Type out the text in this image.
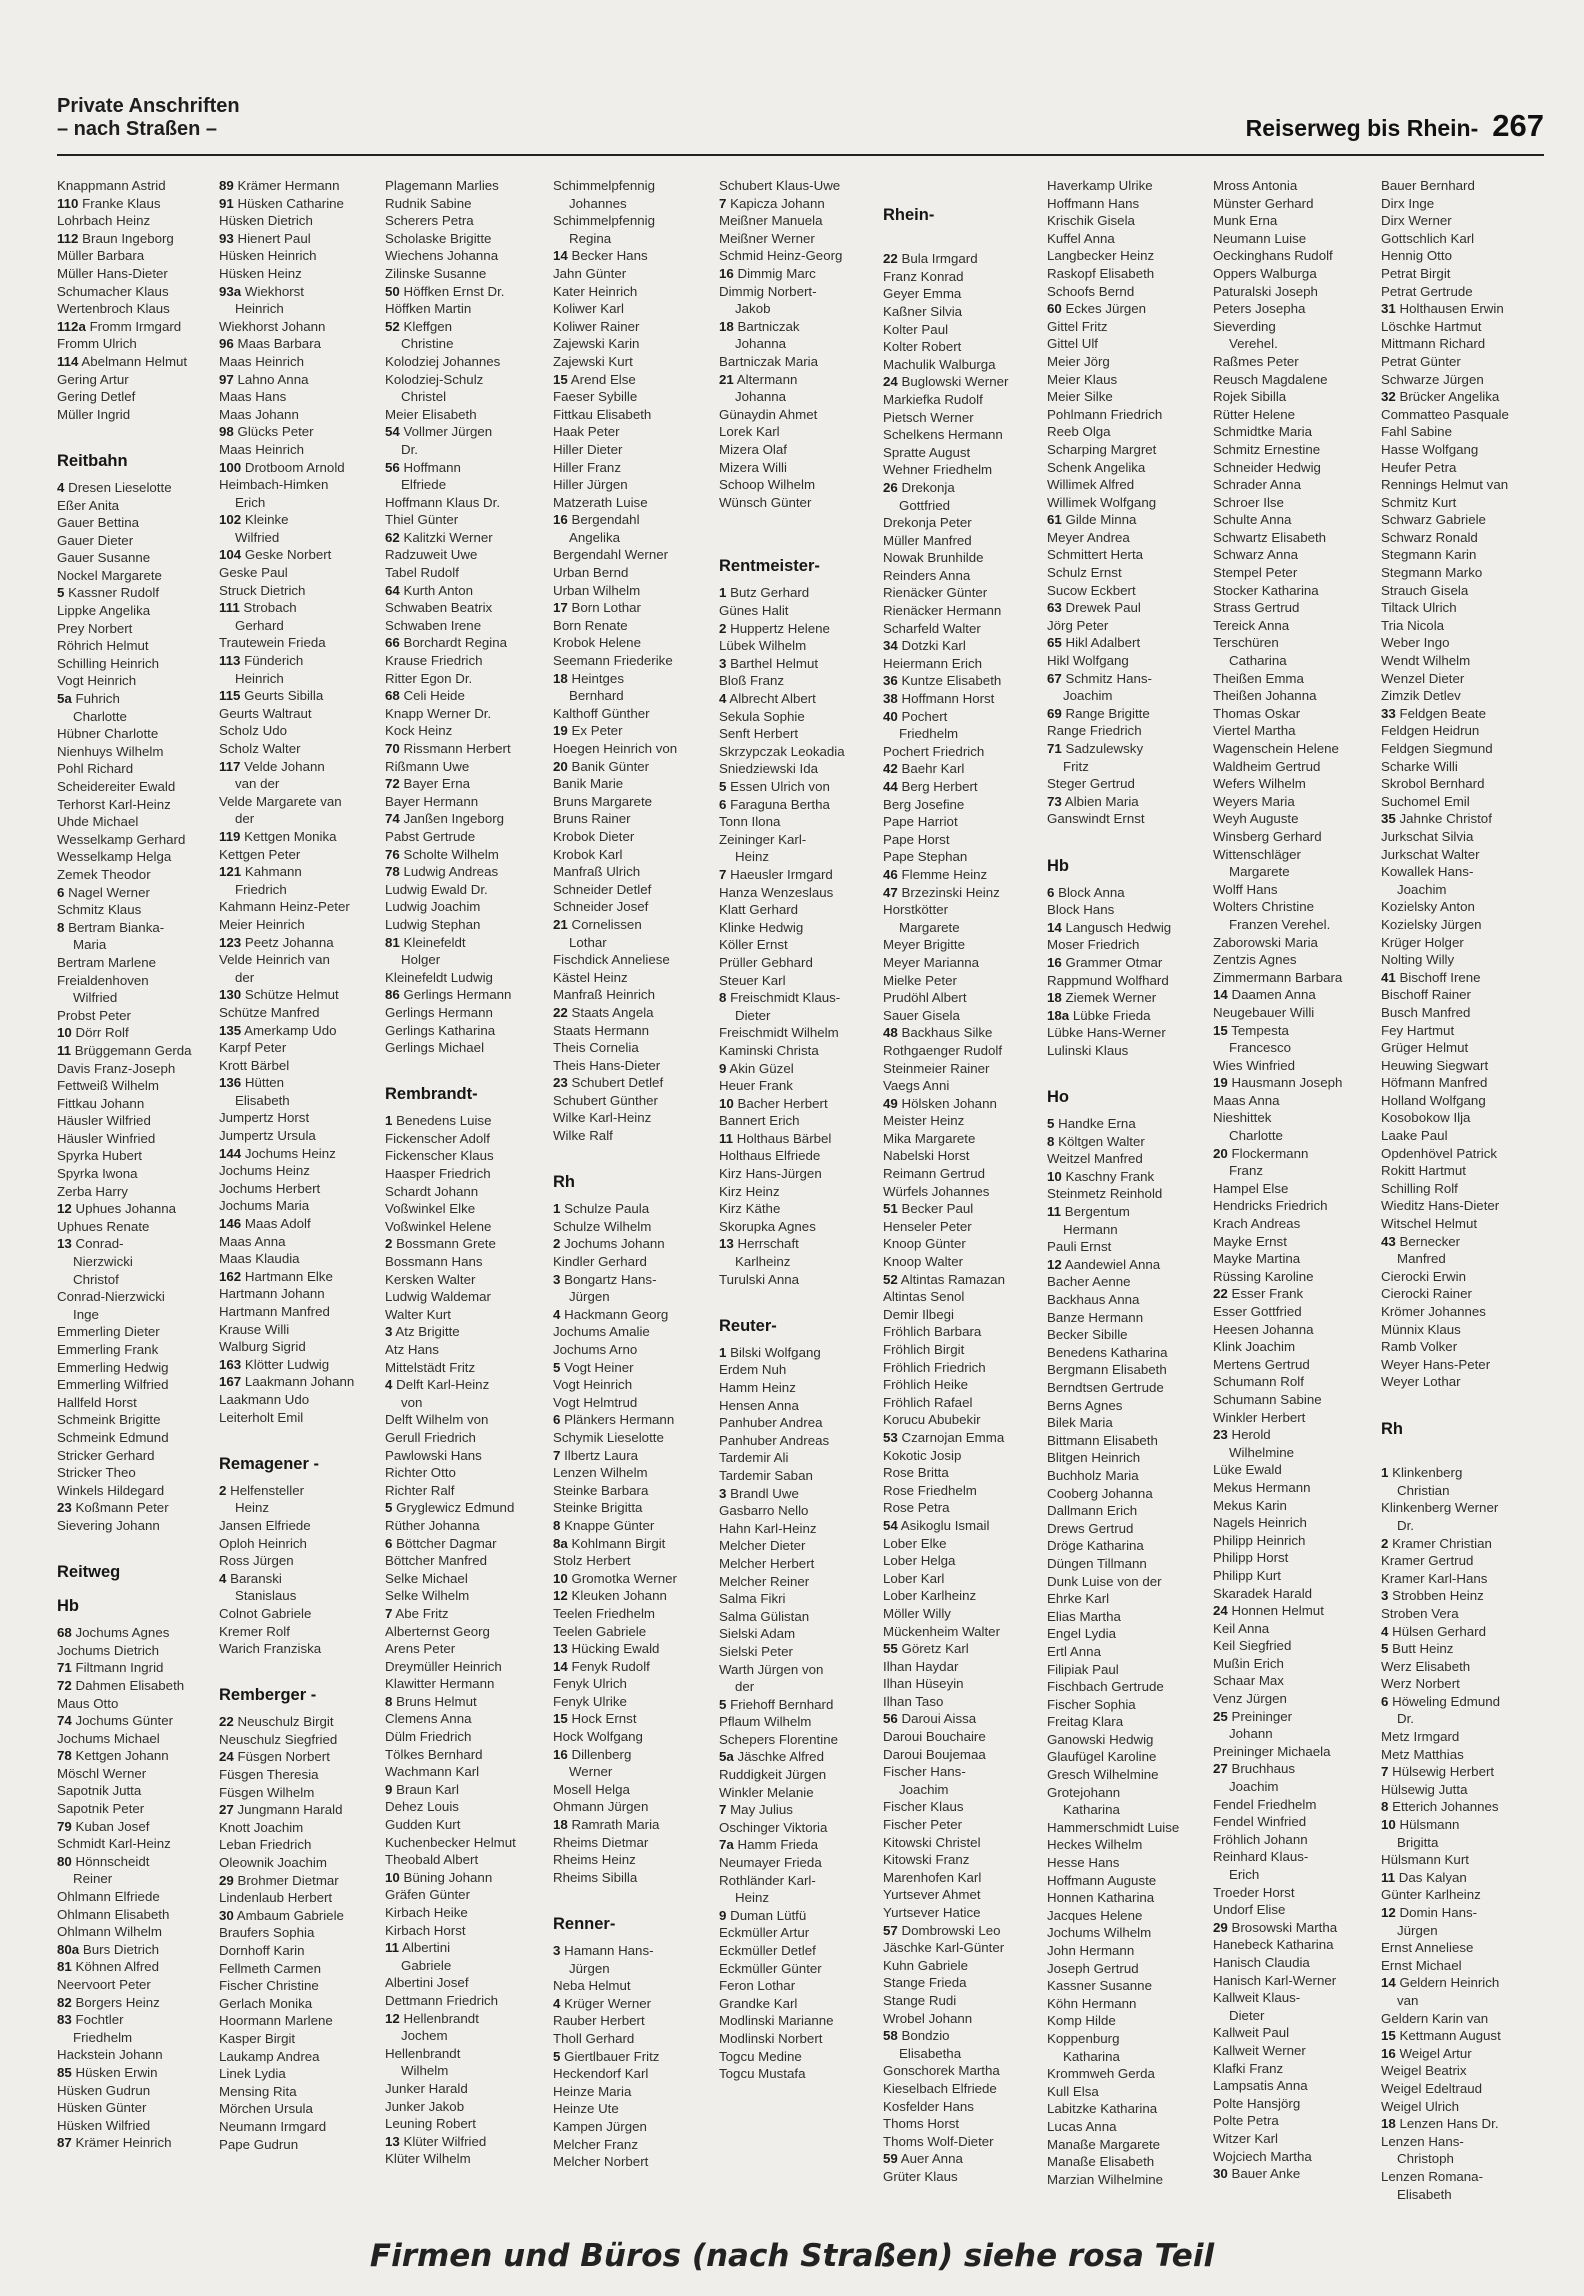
Private Anschriften
– nach Straßen –	Reiserweg bis Rhein- 267
Knappmann Astrid
110 Franke Klaus
Lohrbach Heinz
112 Braun Ingeborg
Müller Barbara
Müller Hans-Dieter
Schumacher Klaus
Wertenbroch Klaus
112a Fromm Irmgard
Fromm Ulrich
114 Abelmann Helmut
Gering Artur
Gering Detlef
Müller Ingrid
Reitbahn
4 Dresen Lieselotte
Eßer Anita
Gauer Bettina
Gauer Dieter
Gauer Susanne
Nockel Margarete
5 Kassner Rudolf
Lippke Angelika
Prey Norbert
Röhrich Helmut
Schilling Heinrich
Vogt Heinrich
5a Fuhrich
Charlotte
Hübner Charlotte
Nienhuys Wilhelm
Pohl Richard
Scheidereiter Ewald
Terhorst Karl-Heinz
Uhde Michael
Wesselkamp Gerhard
Wesselkamp Helga
Zemek Theodor
6 Nagel Werner
Schmitz Klaus
8 Bertram Bianka-
Maria
Bertram Marlene
Freialdenhoven
Wilfried
Probst Peter
10 Dörr Rolf
11 Brüggemann Gerda
Davis Franz-Joseph
Fettweiß Wilhelm
Fittkau Johann
Häusler Wilfried
Häusler Winfried
Spyrka Hubert
Spyrka Iwona
Zerba Harry
12 Uphues Johanna
Uphues Renate
13 Conrad-
Nierzwicki
Christof
Conrad-Nierzwicki
Inge
Emmerling Dieter
Emmerling Frank
Emmerling Hedwig
Emmerling Wilfried
Hallfeld Horst
Schmeink Brigitte
Schmeink Edmund
Stricker Gerhard
Stricker Theo
Winkels Hildegard
23 Koßmann Peter
Sievering Johann
Reitweg
Hb
68 Jochums Agnes
Jochums Dietrich
71 Filtmann Ingrid
72 Dahmen Elisabeth
Maus Otto
74 Jochums Günter
Jochums Michael
78 Kettgen Johann
Möschl Werner
Sapotnik Jutta
Sapotnik Peter
79 Kuban Josef
Schmidt Karl-Heinz
80 Hönnscheidt
Reiner
Ohlmann Elfriede
Ohlmann Elisabeth
Ohlmann Wilhelm
80a Burs Dietrich
81 Köhnen Alfred
Neervoort Peter
82 Borgers Heinz
83 Fochtler
Friedhelm
Hackstein Johann
85 Hüsken Erwin
Hüsken Gudrun
Hüsken Günter
Hüsken Wilfried
87 Krämer Heinrich
89 Krämer Hermann
91 Hüsken Catharine
Hüsken Dietrich
93 Hienert Paul
Hüsken Heinrich
Hüsken Heinz
93a Wiekhorst
Heinrich
Wiekhorst Johann
96 Maas Barbara
Maas Heinrich
97 Lahno Anna
Maas Hans
Maas Johann
98 Glücks Peter
Maas Heinrich
100 Drotboom Arnold
Heimbach-Himken
Erich
102 Kleinke
Wilfried
104 Geske Norbert
Geske Paul
Struck Dietrich
111 Strobach
Gerhard
Trautewein Frieda
113 Fünderich
Heinrich
115 Geurts Sibilla
Geurts Waltraut
Scholz Udo
Scholz Walter
117 Velde Johann
van der
Velde Margarete van
der
119 Kettgen Monika
Kettgen Peter
121 Kahmann
Friedrich
Kahmann Heinz-Peter
Meier Heinrich
123 Peetz Johanna
Velde Heinrich van
der
130 Schütze Helmut
Schütze Manfred
135 Amerkamp Udo
Karpf Peter
Krott Bärbel
136 Hütten
Elisabeth
Jumpertz Horst
Jumpertz Ursula
144 Jochums Heinz
Jochums Heinz
Jochums Herbert
Jochums Maria
146 Maas Adolf
Maas Anna
Maas Klaudia
162 Hartmann Elke
Hartmann Johann
Hartmann Manfred
Krause Willi
Walburg Sigrid
163 Klötter Ludwig
167 Laakmann Johann
Laakmann Udo
Leiterholt Emil
Remagener -
2 Helfensteller
Heinz
Jansen Elfriede
Oploh Heinrich
Ross Jürgen
4 Baranski
Stanislaus
Colnot Gabriele
Kremer Rolf
Warich Franziska
Remberger -
22 Neuschulz Birgit
Neuschulz Siegfried
24 Füsgen Norbert
Füsgen Theresia
Füsgen Wilhelm
27 Jungmann Harald
Knott Joachim
Leban Friedrich
Oleownik Joachim
29 Brohmer Dietmar
Lindenlaub Herbert
30 Ambaum Gabriele
Braufers Sophia
Dornhoff Karin
Fellmeth Carmen
Fischer Christine
Gerlach Monika
Hoormann Marlene
Kasper Birgit
Laukamp Andrea
Linek Lydia
Mensing Rita
Mörchen Ursula
Neumann Irmgard
Pape Gudrun
Plagemann Marlies
Rudnik Sabine
Scherers Petra
Scholaske Brigitte
Wiechens Johanna
Zilinske Susanne
50 Höffken Ernst Dr.
Höffken Martin
52 Kleffgen
Christine
Kolodziej Johannes
Kolodziej-Schulz
Christel
Meier Elisabeth
54 Vollmer Jürgen
Dr.
56 Hoffmann
Elfriede
Hoffmann Klaus Dr.
Thiel Günter
62 Kalitzki Werner
Radzuweit Uwe
Tabel Rudolf
64 Kurth Anton
Schwaben Beatrix
Schwaben Irene
66 Borchardt Regina
Krause Friedrich
Ritter Egon Dr.
68 Celi Heide
Knapp Werner Dr.
Kock Heinz
70 Rissmann Herbert
Rißmann Uwe
72 Bayer Erna
Bayer Hermann
74 Janßen Ingeborg
Pabst Gertrude
76 Scholte Wilhelm
78 Ludwig Andreas
Ludwig Ewald Dr.
Ludwig Joachim
Ludwig Stephan
81 Kleinefeldt
Holger
Kleinefeldt Ludwig
86 Gerlings Hermann
Gerlings Hermann
Gerlings Katharina
Gerlings Michael
Rembrandt-
1 Benedens Luise
Fickenscher Adolf
Fickenscher Klaus
Haasper Friedrich
Schardt Johann
Voßwinkel Elke
Voßwinkel Helene
2 Bossmann Grete
Bossmann Hans
Kersken Walter
Ludwig Waldemar
Walter Kurt
3 Atz Brigitte
Atz Hans
Mittelstädt Fritz
4 Delft Karl-Heinz
von
Delft Wilhelm von
Gerull Friedrich
Pawlowski Hans
Richter Otto
Richter Ralf
5 Gryglewicz Edmund
Rüther Johanna
6 Böttcher Dagmar
Böttcher Manfred
Selke Michael
Selke Wilhelm
7 Abe Fritz
Alberternst Georg
Arens Peter
Dreymüller Heinrich
Klawitter Hermann
8 Bruns Helmut
Clemens Anna
Dülm Friedrich
Tölkes Bernhard
Wachmann Karl
9 Braun Karl
Dehez Louis
Gudden Kurt
Kuchenbecker Helmut
Theobald Albert
10 Büning Johann
Gräfen Günter
Kirbach Heike
Kirbach Horst
11 Albertini
Gabriele
Albertini Josef
Dettmann Friedrich
12 Hellenbrandt
Jochem
Hellenbrandt
Wilhelm
Junker Harald
Junker Jakob
Leuning Robert
13 Klüter Wilfried
Klüter Wilhelm
Schimmelpfennig
Johannes
Schimmelpfennig
Regina
14 Becker Hans
Jahn Günter
Kater Heinrich
Koliwer Karl
Koliwer Rainer
Zajewski Karin
Zajewski Kurt
15 Arend Else
Faeser Sybille
Fittkau Elisabeth
Haak Peter
Hiller Dieter
Hiller Franz
Hiller Jürgen
Matzerath Luise
16 Bergendahl
Angelika
Bergendahl Werner
Urban Bernd
Urban Wilhelm
17 Born Lothar
Born Renate
Krobok Helene
Seemann Friederike
18 Heintges
Bernhard
Kalthoff Günther
19 Ex Peter
Hoegen Heinrich von
20 Banik Günter
Banik Marie
Bruns Margarete
Bruns Rainer
Krobok Dieter
Krobok Karl
Manfraß Ulrich
Schneider Detlef
Schneider Josef
21 Cornelissen
Lothar
Fischdick Anneliese
Kästel Heinz
Manfraß Heinrich
22 Staats Angela
Staats Hermann
Theis Cornelia
Theis Hans-Dieter
23 Schubert Detlef
Schubert Günther
Wilke Karl-Heinz
Wilke Ralf
Rh
1 Schulze Paula
Schulze Wilhelm
2 Jochums Johann
Kindler Gerhard
3 Bongartz Hans-
Jürgen
4 Hackmann Georg
Jochums Amalie
Jochums Arno
5 Vogt Heiner
Vogt Heinrich
Vogt Helmtrud
6 Plänkers Hermann
Schymik Lieselotte
7 Ilbertz Laura
Lenzen Wilhelm
Steinke Barbara
Steinke Brigitta
8 Knappe Günter
8a Kohlmann Birgit
Stolz Herbert
10 Gromotka Werner
12 Kleuken Johann
Teelen Friedhelm
Teelen Gabriele
13 Hücking Ewald
14 Fenyk Rudolf
Fenyk Ulrich
Fenyk Ulrike
15 Hock Ernst
Hock Wolfgang
16 Dillenberg
Werner
Mosell Helga
Ohmann Jürgen
18 Ramrath Maria
Rheims Dietmar
Rheims Heinz
Rheims Sibilla
Renner-
3 Hamann Hans-
Jürgen
Neba Helmut
4 Krüger Werner
Rauber Herbert
Tholl Gerhard
5 Giertlbauer Fritz
Heckendorf Karl
Heinze Maria
Heinze Ute
Kampen Jürgen
Melcher Franz
Melcher Norbert
Schubert Klaus-Uwe
7 Kapicza Johann
Meißner Manuela
Meißner Werner
Schmid Heinz-Georg
16 Dimmig Marc
Dimmig Norbert-
Jakob
18 Bartniczak
Johanna
Bartniczak Maria
21 Altermann
Johanna
Günaydin Ahmet
Lorek Karl
Mizera Olaf
Mizera Willi
Schoop Wilhelm
Wünsch Günter
Rentmeister-
1 Butz Gerhard
Günes Halit
2 Huppertz Helene
Lübek Wilhelm
3 Barthel Helmut
Bloß Franz
4 Albrecht Albert
Sekula Sophie
Senft Herbert
Skrzypczak Leokadia
Sniedziewski Ida
5 Essen Ulrich von
6 Faraguna Bertha
Tonn Ilona
Zeininger Karl-
Heinz
7 Haeusler Irmgard
Hanza Wenzeslaus
Klatt Gerhard
Klinke Hedwig
Köller Ernst
Prüller Gebhard
Steuer Karl
8 Freischmidt Klaus-
Dieter
Freischmidt Wilhelm
Kaminski Christa
9 Akin Güzel
Heuer Frank
10 Bacher Herbert
Bannert Erich
11 Holthaus Bärbel
Holthaus Elfriede
Kirz Hans-Jürgen
Kirz Heinz
Kirz Käthe
Skorupka Agnes
13 Herrschaft
Karlheinz
Turulski Anna
Reuter-
1 Bilski Wolfgang
Erdem Nuh
Hamm Heinz
Hensen Anna
Panhuber Andrea
Panhuber Andreas
Tardemir Ali
Tardemir Saban
3 Brandl Uwe
Gasbarro Nello
Hahn Karl-Heinz
Melcher Dieter
Melcher Herbert
Melcher Reiner
Salma Fikri
Salma Gülistan
Sielski Adam
Sielski Peter
Warth Jürgen von
der
5 Friehoff Bernhard
Pflaum Wilhelm
Schepers Florentine
5a Jäschke Alfred
Ruddigkeit Jürgen
Winkler Melanie
7 May Julius
Oschinger Viktoria
7a Hamm Frieda
Neumayer Frieda
Rothländer Karl-
Heinz
9 Duman Lütfü
Eckmüller Artur
Eckmüller Detlef
Eckmüller Günter
Feron Lothar
Grandke Karl
Modlinski Marianne
Modlinski Norbert
Togcu Medine
Togcu Mustafa
Rhein-
22 Bula Irmgard
Franz Konrad
Geyer Emma
Kaßner Silvia
Kolter Paul
Kolter Robert
Machulik Walburga
24 Buglowski Werner
Markiefka Rudolf
Pietsch Werner
Schelkens Hermann
Spratte August
Wehner Friedhelm
26 Drekonja
Gottfried
Drekonja Peter
Müller Manfred
Nowak Brunhilde
Reinders Anna
Rienäcker Günter
Rienäcker Hermann
Scharfeld Walter
34 Dotzki Karl
Heiermann Erich
36 Kuntze Elisabeth
38 Hoffmann Horst
40 Pochert
Friedhelm
Pochert Friedrich
42 Baehr Karl
44 Berg Herbert
Berg Josefine
Pape Harriot
Pape Horst
Pape Stephan
46 Flemme Heinz
47 Brzezinski Heinz
Horstkötter
Margarete
Meyer Brigitte
Meyer Marianna
Mielke Peter
Prudöhl Albert
Sauer Gisela
48 Backhaus Silke
Rothgaenger Rudolf
Steinmeier Rainer
Vaegs Anni
49 Hölsken Johann
Meister Heinz
Mika Margarete
Nabelski Horst
Reimann Gertrud
Würfels Johannes
51 Becker Paul
Henseler Peter
Knoop Günter
Knoop Walter
52 Altintas Ramazan
Altintas Senol
Demir Ilbegi
Fröhlich Barbara
Fröhlich Birgit
Fröhlich Friedrich
Fröhlich Heike
Fröhlich Rafael
Korucu Abubekir
53 Czarnojan Emma
Kokotic Josip
Rose Britta
Rose Friedhelm
Rose Petra
54 Asikoglu Ismail
Lober Elke
Lober Helga
Lober Karl
Lober Karlheinz
Möller Willy
Mückenheim Walter
55 Göretz Karl
Ilhan Haydar
Ilhan Hüseyin
Ilhan Taso
56 Daroui Aissa
Daroui Bouchaire
Daroui Boujemaa
Fischer Hans-
Joachim
Fischer Klaus
Fischer Peter
Kitowski Christel
Kitowski Franz
Marenhofen Karl
Yurtsever Ahmet
Yurtsever Hatice
57 Dombrowski Leo
Jäschke Karl-Günter
Kuhn Gabriele
Stange Frieda
Stange Rudi
Wrobel Johann
58 Bondzio
Elisabetha
Gonschorek Martha
Kieselbach Elfriede
Kosfelder Hans
Thoms Horst
Thoms Wolf-Dieter
59 Auer Anna
Grüter Klaus
Haverkamp Ulrike
Hoffmann Hans
Krischik Gisela
Kuffel Anna
Langbecker Heinz
Raskopf Elisabeth
Schoofs Bernd
60 Eckes Jürgen
Gittel Fritz
Gittel Ulf
Meier Jörg
Meier Klaus
Meier Silke
Pohlmann Friedrich
Reeb Olga
Scharping Margret
Schenk Angelika
Willimek Alfred
Willimek Wolfgang
61 Gilde Minna
Meyer Andrea
Schmittert Herta
Schulz Ernst
Sucow Eckbert
63 Drewek Paul
Jörg Peter
65 Hikl Adalbert
Hikl Wolfgang
67 Schmitz Hans-
Joachim
69 Range Brigitte
Range Friedrich
71 Sadzulewsky
Fritz
Steger Gertrud
73 Albien Maria
Ganswindt Ernst
Hb
6 Block Anna
Block Hans
14 Langusch Hedwig
Moser Friedrich
16 Grammer Otmar
Rappmund Wolfhard
18 Ziemek Werner
18a Lübke Frieda
Lübke Hans-Werner
Lulinski Klaus
Ho
5 Handke Erna
8 Költgen Walter
Weitzel Manfred
10 Kaschny Frank
Steinmetz Reinhold
11 Bergentum
Hermann
Pauli Ernst
12 Aandewiel Anna
Bacher Aenne
Backhaus Anna
Banze Hermann
Becker Sibille
Benedens Katharina
Bergmann Elisabeth
Berndtsen Gertrude
Berns Agnes
Bilek Maria
Bittmann Elisabeth
Blitgen Heinrich
Buchholz Maria
Cooberg Johanna
Dallmann Erich
Drews Gertrud
Dröge Katharina
Düngen Tillmann
Dunk Luise von der
Ehrke Karl
Elias Martha
Engel Lydia
Ertl Anna
Filipiak Paul
Fischbach Gertrude
Fischer Sophia
Freitag Klara
Ganowski Hedwig
Glaufügel Karoline
Gresch Wilhelmine
Grotejohann
Katharina
Hammerschmidt Luise
Heckes Wilhelm
Hesse Hans
Hoffmann Auguste
Honnen Katharina
Jacques Helene
Jochums Wilhelm
John Hermann
Joseph Gertrud
Kassner Susanne
Köhn Hermann
Komp Hilde
Koppenburg
Katharina
Krommweh Gerda
Kull Elsa
Labitzke Katharina
Lucas Anna
Manaße Margarete
Manaße Elisabeth
Marzian Wilhelmine
Mross Antonia
Münster Gerhard
Munk Erna
Neumann Luise
Oeckinghans Rudolf
Oppers Walburga
Paturalski Joseph
Peters Josepha
Sieverding
Verehel.
Raßmes Peter
Reusch Magdalene
Rojek Sibilla
Rütter Helene
Schmidtke Maria
Schmitz Ernestine
Schneider Hedwig
Schrader Anna
Schroer Ilse
Schulte Anna
Schwartz Elisabeth
Schwarz Anna
Stempel Peter
Stocker Katharina
Strass Gertrud
Tereick Anna
Terschüren
Catharina
Theißen Emma
Theißen Johanna
Thomas Oskar
Viertel Martha
Wagenschein Helene
Waldheim Gertrud
Wefers Wilhelm
Weyers Maria
Weyh Auguste
Winsberg Gerhard
Wittenschläger
Margarete
Wolff Hans
Wolters Christine
Franzen Verehel.
Zaborowski Maria
Zentzis Agnes
Zimmermann Barbara
14 Daamen Anna
Neugebauer Willi
15 Tempesta
Francesco
Wies Winfried
19 Hausmann Joseph
Maas Anna
Nieshittek
Charlotte
20 Flockermann
Franz
Hampel Else
Hendricks Friedrich
Krach Andreas
Mayke Ernst
Mayke Martina
Rüssing Karoline
22 Esser Frank
Esser Gottfried
Heesen Johanna
Klink Joachim
Mertens Gertrud
Schumann Rolf
Schumann Sabine
Winkler Herbert
23 Herold
Wilhelmine
Lüke Ewald
Mekus Hermann
Mekus Karin
Nagels Heinrich
Philipp Heinrich
Philipp Horst
Philipp Kurt
Skaradek Harald
24 Honnen Helmut
Keil Anna
Keil Siegfried
Mußin Erich
Schaar Max
Venz Jürgen
25 Preininger
Johann
Preininger Michaela
27 Bruchhaus
Joachim
Fendel Friedhelm
Fendel Winfried
Fröhlich Johann
Reinhard Klaus-
Erich
Troeder Horst
Undorf Elise
29 Brosowski Martha
Hanebeck Katharina
Hanisch Claudia
Hanisch Karl-Werner
Kallweit Klaus-
Dieter
Kallweit Paul
Kallweit Werner
Klafki Franz
Lampsatis Anna
Polte Hansjörg
Polte Petra
Witzer Karl
Wojciech Martha
30 Bauer Anke
Bauer Bernhard
Dirx Inge
Dirx Werner
Gottschlich Karl
Hennig Otto
Petrat Birgit
Petrat Gertrude
31 Holthausen Erwin
Löschke Hartmut
Mittmann Richard
Petrat Günter
Schwarze Jürgen
32 Brücker Angelika
Commatteo Pasquale
Fahl Sabine
Hasse Wolfgang
Heufer Petra
Rennings Helmut van
Schmitz Kurt
Schwarz Gabriele
Schwarz Ronald
Stegmann Karin
Stegmann Marko
Strauch Gisela
Tiltack Ulrich
Tria Nicola
Weber Ingo
Wendt Wilhelm
Wenzel Dieter
Zimzik Detlev
33 Feldgen Beate
Feldgen Heidrun
Feldgen Siegmund
Scharke Willi
Skrobol Bernhard
Suchomel Emil
35 Jahnke Christof
Jurkschat Silvia
Jurkschat Walter
Kowallek Hans-
Joachim
Kozielsky Anton
Kozielsky Jürgen
Krüger Holger
Nolting Willy
41 Bischoff Irene
Bischoff Rainer
Busch Manfred
Fey Hartmut
Grüger Helmut
Heuwing Siegwart
Höfmann Manfred
Holland Wolfgang
Kosobokow Ilja
Laake Paul
Opdenhövel Patrick
Rokitt Hartmut
Schilling Rolf
Wieditz Hans-Dieter
Witschel Helmut
43 Bernecker
Manfred
Cierocki Erwin
Cierocki Rainer
Krömer Johannes
Münnix Klaus
Ramb Volker
Weyer Hans-Peter
Weyer Lothar
Rh
1 Klinkenberg
Christian
Klinkenberg Werner
Dr.
2 Kramer Christian
Kramer Gertrud
Kramer Karl-Hans
3 Strobben Heinz
Stroben Vera
4 Hülsen Gerhard
5 Butt Heinz
Werz Elisabeth
Werz Norbert
6 Höweling Edmund
Dr.
Metz Irmgard
Metz Matthias
7 Hülsewig Herbert
Hülsewig Jutta
8 Etterich Johannes
10 Hülsmann
Brigitta
Hülsmann Kurt
11 Das Kalyan
Günter Karlheinz
12 Domin Hans-
Jürgen
Ernst Anneliese
Ernst Michael
14 Geldern Heinrich
van
Geldern Karin van
15 Kettmann August
16 Weigel Artur
Weigel Beatrix
Weigel Edeltraud
Weigel Ulrich
18 Lenzen Hans Dr.
Lenzen Hans-
Christoph
Lenzen Romana-
Elisabeth
Firmen und Büros (nach Straßen) siehe rosa Teil
